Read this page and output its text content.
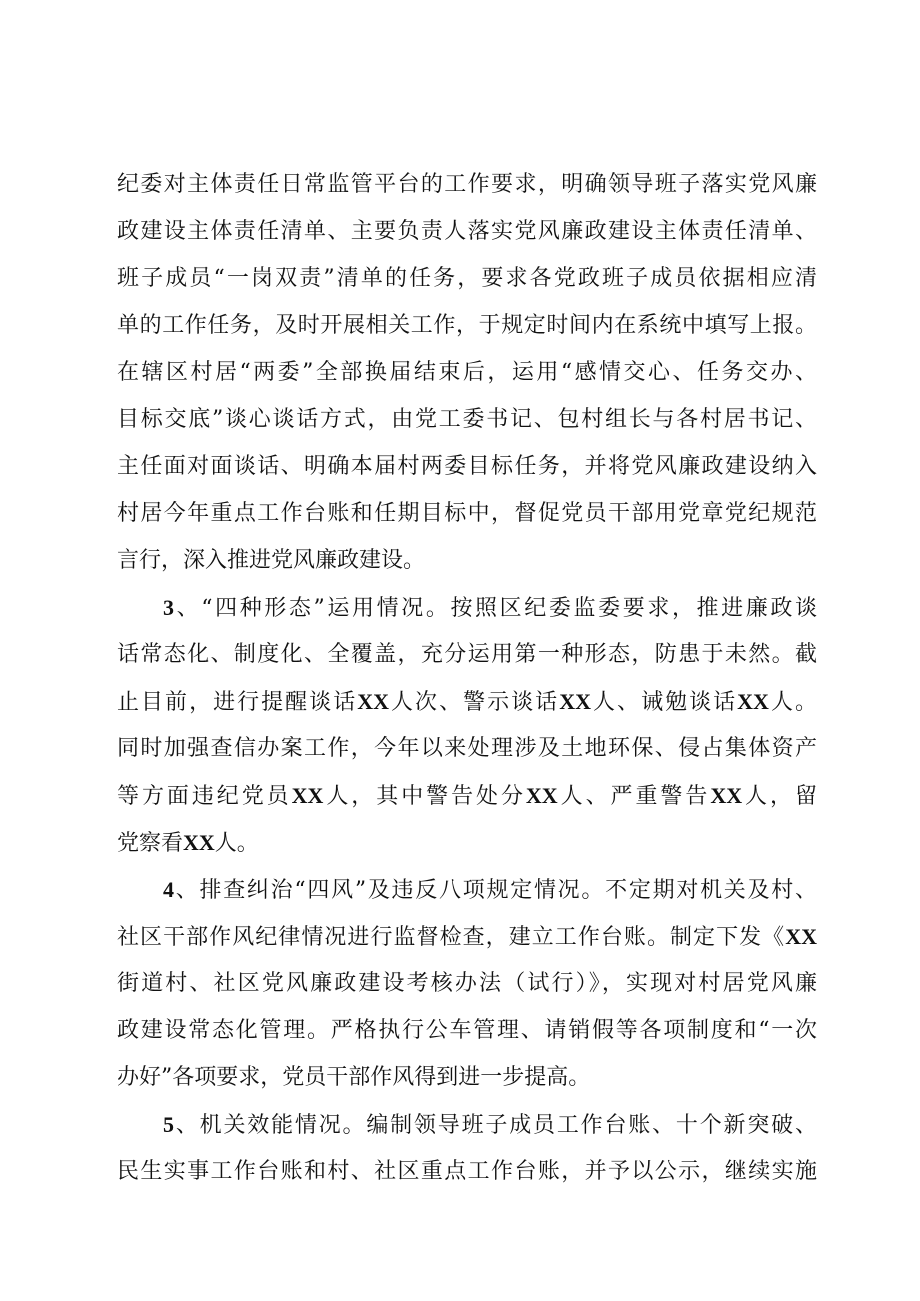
纪委对主体责任日常监管平台的工作要求，明确领导班子落实党风廉
政建设主体责任清单、主要负责人落实党风廉政建设主体责任清单、
班子成员“一岗双责”清单的任务，要求各党政班子成员依据相应清
单的工作任务，及时开展相关工作，于规定时间内在系统中填写上报。
在辖区村居“两委”全部换届结束后，运用“感情交心、任务交办、
目标交底”谈心谈话方式，由党工委书记、包村组长与各村居书记、
主任面对面谈话、明确本届村两委目标任务，并将党风廉政建设纳入
村居今年重点工作台账和任期目标中，督促党员干部用党章党纪规范
言行，深入推进党风廉政建设。
3、“四种形态”运用情况。按照区纪委监委要求，推进廉政谈
话常态化、制度化、全覆盖，充分运用第一种形态，防患于未然。截
止目前，进行提醒谈话XX人次、警示谈话XX人、诫勉谈话XX人。
同时加强查信办案工作，今年以来处理涉及土地环保、侵占集体资产
等方面违纪党员XX人，其中警告处分XX人、严重警告XX人，留
党察看XX人。
4、排查纠治“四风”及违反八项规定情况。不定期对机关及村、
社区干部作风纪律情况进行监督检查，建立工作台账。制定下发《XX
街道村、社区党风廉政建设考核办法（试行）》，实现对村居党风廉
政建设常态化管理。严格执行公车管理、请销假等各项制度和“一次
办好”各项要求，党员干部作风得到进一步提高。
5、机关效能情况。编制领导班子成员工作台账、十个新突破、
民生实事工作台账和村、社区重点工作台账，并予以公示，继续实施
